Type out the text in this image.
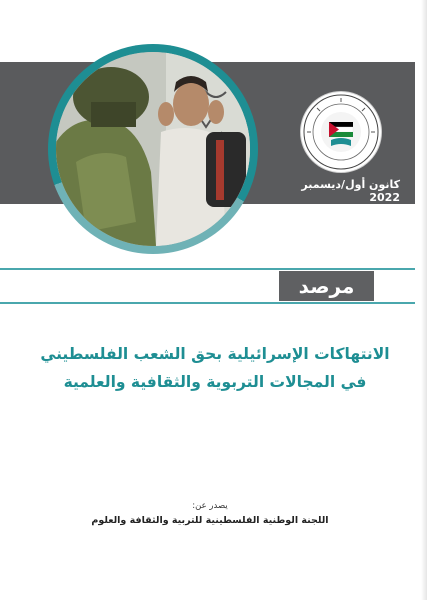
كانون أول/ديسمبر 2022
مرصد
الانتهاكات الإسرائيلية بحق الشعب الفلسطيني
في المجالات التربوية والثقافية والعلمية
يصدر عن:
اللجنة الوطنية الفلسطينية للتربية والثقافة والعلوم
